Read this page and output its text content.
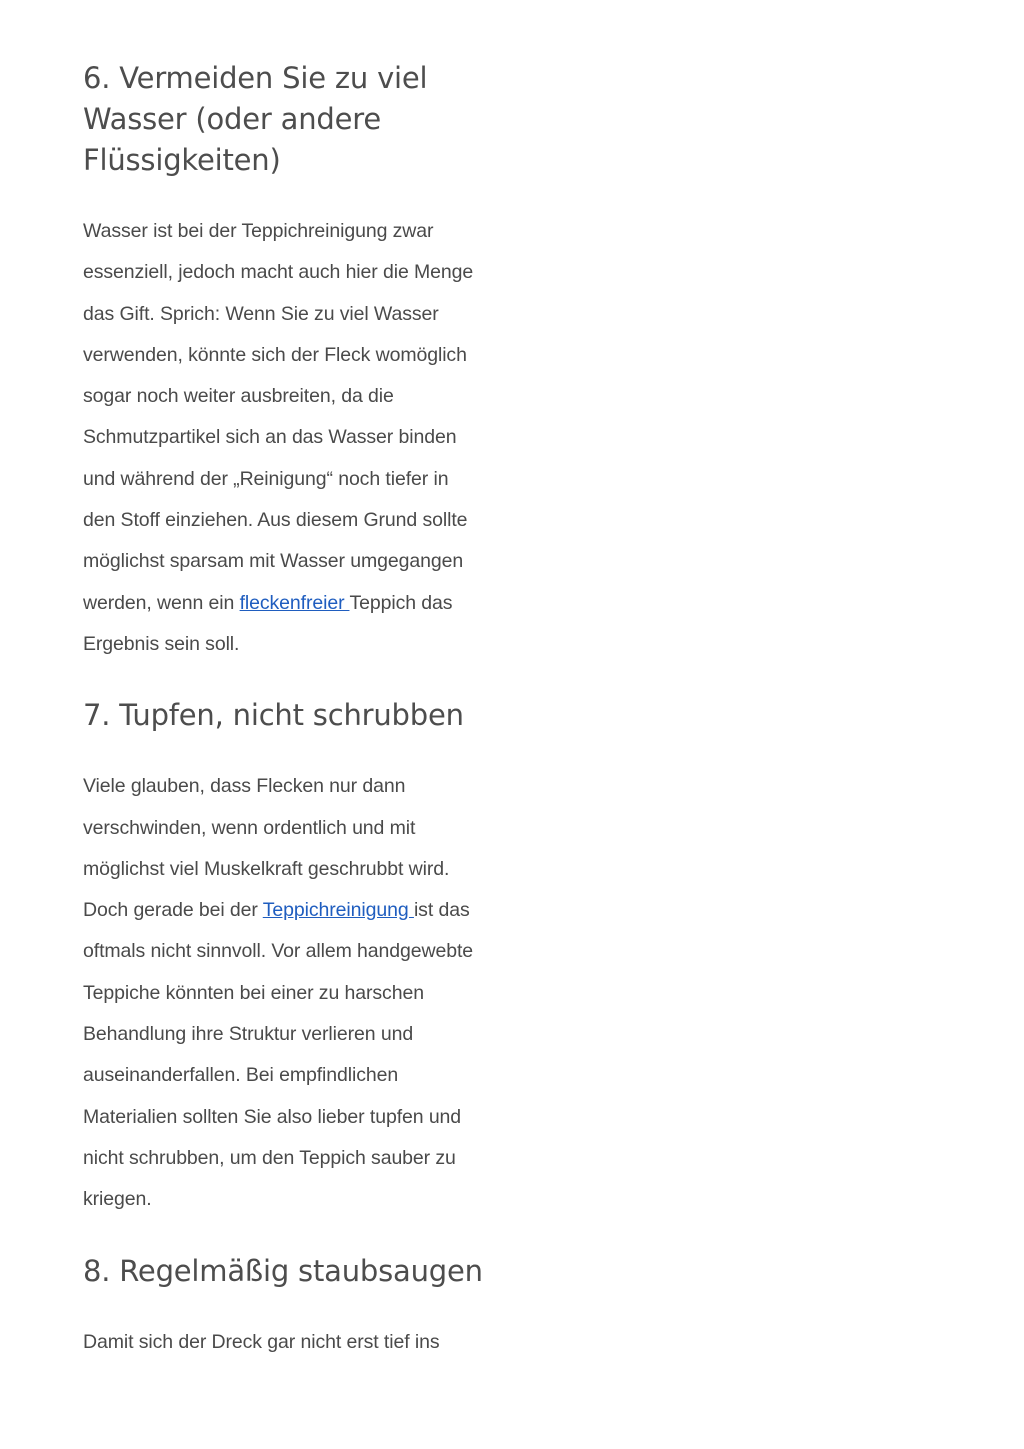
6. Vermeiden Sie zu viel Wasser (oder andere Flüssigkeiten)

Wasser ist bei der Teppichreinigung zwar essenziell, jedoch macht auch hier die Menge das Gift. Sprich: Wenn Sie zu viel Wasser verwenden, könnte sich der Fleck womöglich sogar noch weiter ausbreiten, da die Schmutzpartikel sich an das Wasser binden und während der „Reinigung“ noch tiefer in den Stoff einziehen. Aus diesem Grund sollte möglichst sparsam mit Wasser umgegangen werden, wenn ein fleckenfreier Teppich das Ergebnis sein soll.

7. Tupfen, nicht schrubben

Viele glauben, dass Flecken nur dann verschwinden, wenn ordentlich und mit möglichst viel Muskelkraft geschrubbt wird. Doch gerade bei der Teppichreinigung ist das oftmals nicht sinnvoll. Vor allem handgewebte Teppiche könnten bei einer zu harschen Behandlung ihre Struktur verlieren und auseinanderfallen. Bei empfindlichen Materialien sollten Sie also lieber tupfen und nicht schrubben, um den Teppich sauber zu kriegen.

8. Regelmäßig staubsaugen

Damit sich der Dreck gar nicht erst tief ins
